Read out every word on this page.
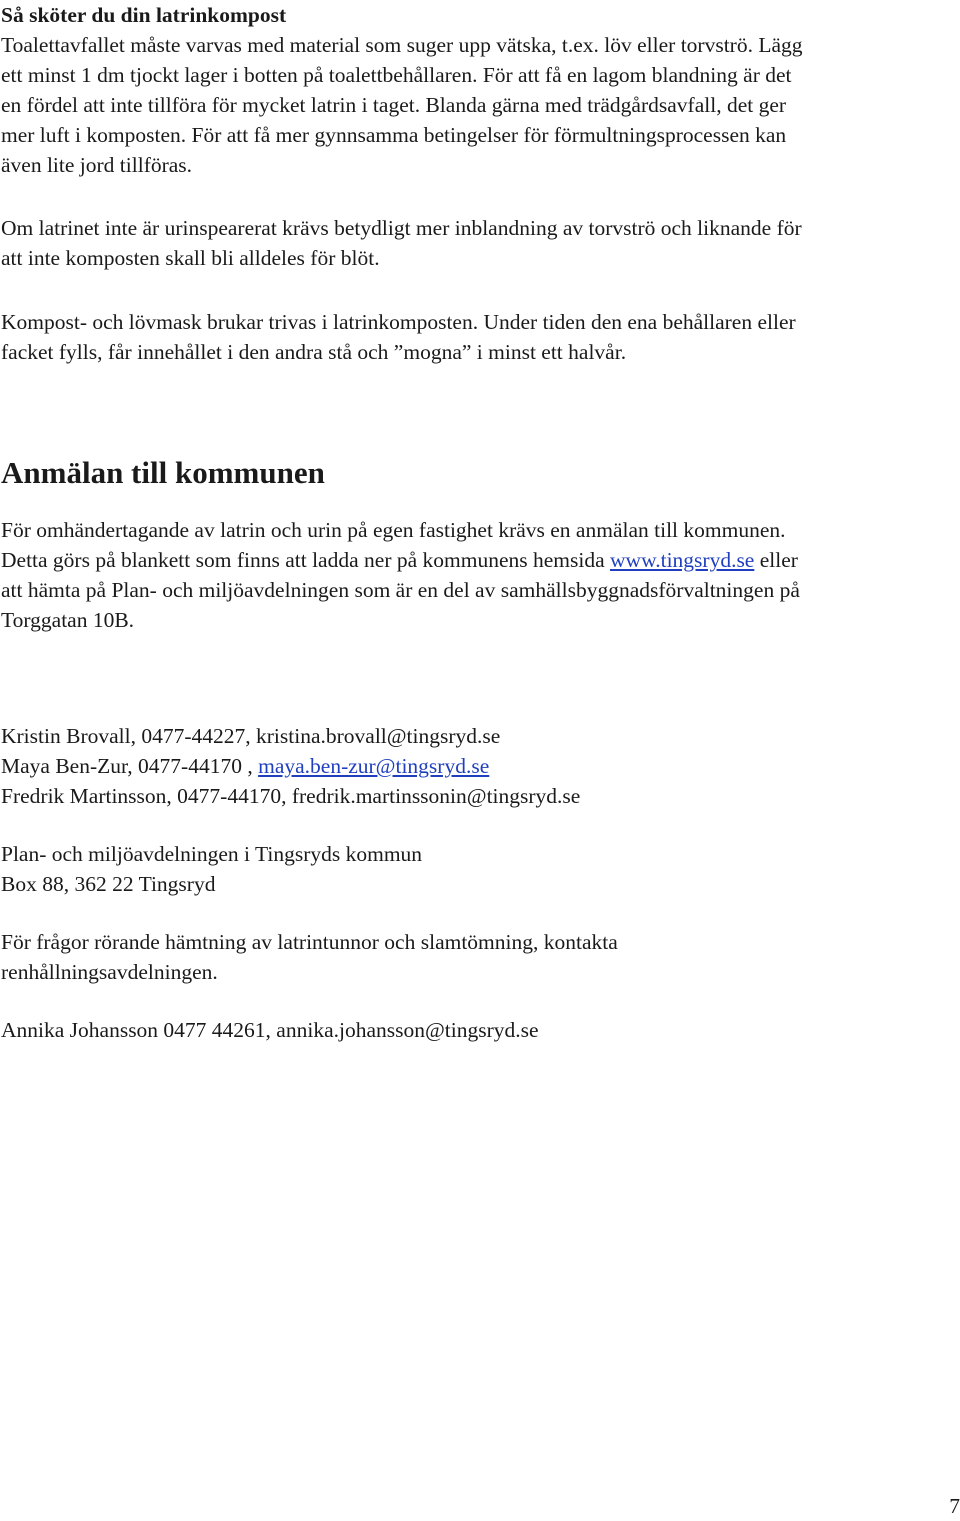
Så sköter du din latrinkompost

Toalettavfallet måste varvas med material som suger upp vätska, t.ex. löv eller torvströ. Lägg
ett minst 1 dm tjockt lager i botten på toalettbehållaren. För att få en lagom blandning är det
en fördel att inte tillföra för mycket latrin i taget. Blanda gärna med trädgårdsavfall, det ger
mer luft i komposten. För att få mer gynnsamma betingelser för förmultningsprocessen kan
även lite jord tillföras.

Om latrinet inte är urinspearerat krävs betydligt mer inblandning av torvströ och liknande för
att inte komposten skall bli alldeles för blöt.

Kompost- och lövmask brukar trivas i latrinkomposten. Under tiden den ena behållaren eller
facket fylls, får innehållet i den andra stå och ”mogna” i minst ett halvår.

Anmälan till kommunen

För omhändertagande av latrin och urin på egen fastighet krävs en anmälan till kommunen.
Detta görs på blankett som finns att ladda ner på kommunens hemsida www.tingsryd.se eller
att hämta på Plan- och miljöavdelningen som är en del av samhällsbyggnadsförvaltningen på
Torggatan 10B.

Kristin Brovall, 0477-44227, kristina.brovall@tingsryd.se
Maya Ben-Zur, 0477-44170 , maya.ben-zur@tingsryd.se
Fredrik Martinsson, 0477-44170, fredrik.martinssonin@tingsryd.se

Plan- och miljöavdelningen i Tingsryds kommun
Box 88, 362 22 Tingsryd

För frågor rörande hämtning av latrintunnor och slamtömning, kontakta
renhållningsavdelningen.

Annika Johansson 0477 44261, annika.johansson@tingsryd.se

7
